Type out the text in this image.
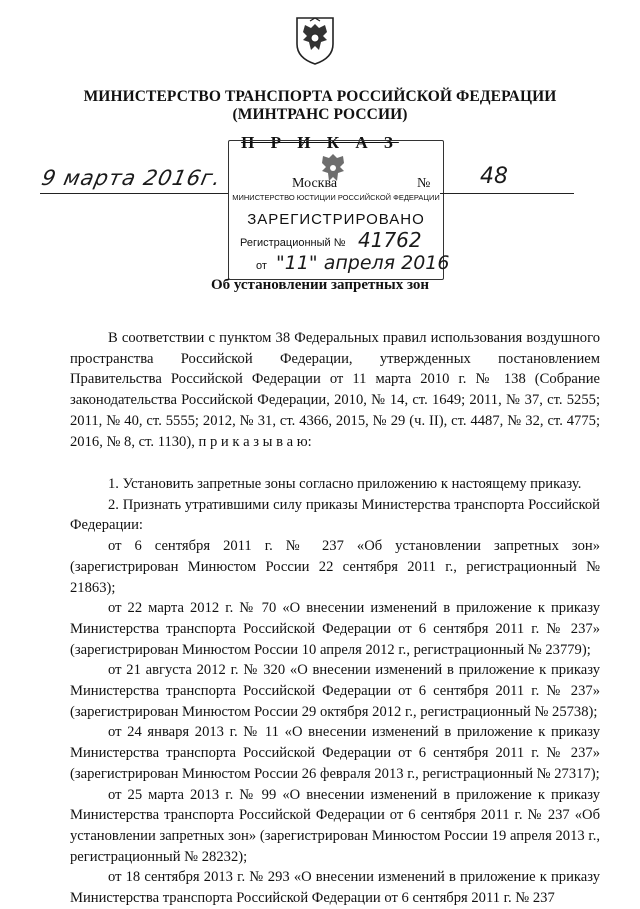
МИНИСТЕРСТВО ТРАНСПОРТА РОССИЙСКОЙ ФЕДЕРАЦИИ
(МИНТРАНС РОССИИ)
П Р И К А З
9 марта 2016г.	Москва	№ 48
МИНИСТЕРСТВО ЮСТИЦИИ РОССИЙСКОЙ ФЕДЕРАЦИИ
ЗАРЕГИСТРИРОВАНО
Регистрационный № 41762
от "11" апреля 2016
Об установлении запретных зон
В соответствии с пунктом 38 Федеральных правил использования воздушного пространства Российской Федерации, утвержденных постановлением Правительства Российской Федерации от 11 марта 2010 г. № 138 (Собрание законодательства Российской Федерации, 2010, № 14, ст. 1649; 2011, № 37, ст. 5255; 2011, № 40, ст. 5555; 2012, № 31, ст. 4366, 2015, № 29 (ч. II), ст. 4487, № 32, ст. 4775; 2016, № 8, ст. 1130), п р и к а з ы в а ю:

1. Установить запретные зоны согласно приложению к настоящему приказу.

2. Признать утратившими силу приказы Министерства транспорта Российской Федерации:

от 6 сентября 2011 г. № 237 «Об установлении запретных зон» (зарегистрирован Минюстом России 22 сентября 2011 г., регистрационный № 21863);

от 22 марта 2012 г. № 70 «О внесении изменений в приложение к приказу Министерства транспорта Российской Федерации от 6 сентября 2011 г. № 237» (зарегистрирован Минюстом России 10 апреля 2012 г., регистрационный № 23779);

от 21 августа 2012 г. № 320 «О внесении изменений в приложение к приказу Министерства транспорта Российской Федерации от 6 сентября 2011 г. № 237» (зарегистрирован Минюстом России 29 октября 2012 г., регистрационный № 25738);

от 24 января 2013 г. № 11 «О внесении изменений в приложение к приказу Министерства транспорта Российской Федерации от 6 сентября 2011 г. № 237» (зарегистрирован Минюстом России 26 февраля 2013 г., регистрационный № 27317);

от 25 марта 2013 г. № 99 «О внесении изменений в приложение к приказу Министерства транспорта Российской Федерации от 6 сентября 2011 г. № 237 «Об установлении запретных зон» (зарегистрирован Минюстом России 19 апреля 2013 г., регистрационный № 28232);

от 18 сентября 2013 г. № 293 «О внесении изменений в приложение к приказу Министерства транспорта Российской Федерации от 6 сентября 2011 г. № 237
